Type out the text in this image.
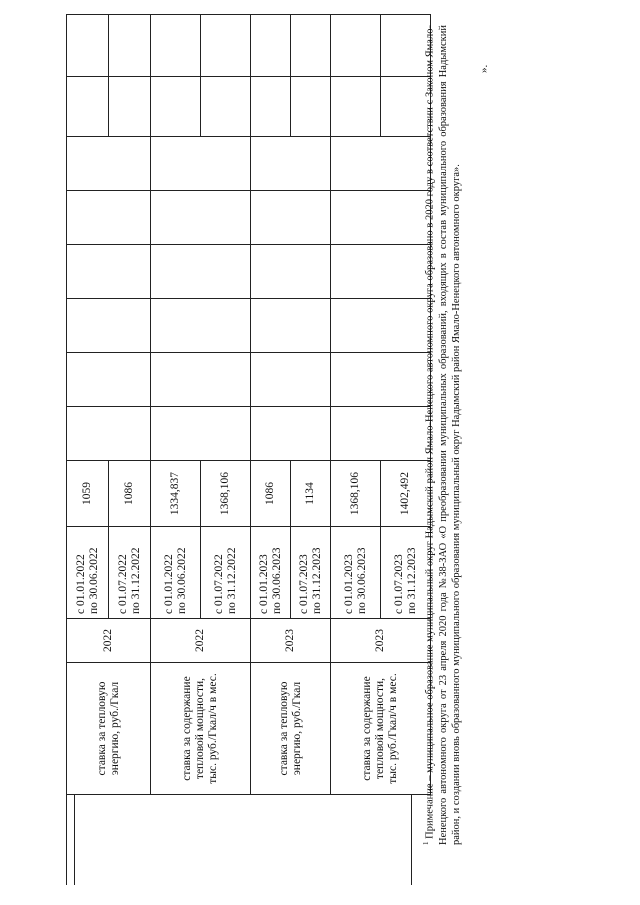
ставка за тепловую энергию, руб./Гкал	2022	с 01.01.2022 по 30.06.2022	1059								

		с 01.07.2022 по 31.12.2022	1086								
ставка за содержание тепловой мощности, тыс. руб./Гкал/ч в мес.	2022	с 01.01.2022 по 30.06.2022	1334,837								

		с 01.07.2022 по 31.12.2022	1368,106								
ставка за тепловую энергию, руб./Гкал	2023	с 01.01.2023 по 30.06.2023	1086								

		с 01.07.2023 по 31.12.2023	1134								
ставка за содержание тепловой мощности, тыс. руб./Гкал/ч в мес.	2023	с 01.01.2023 по 30.06.2023	1368,106								

		с 01.07.2023 по 31.12.2023	1402,492								
$^1$ Примечание – муниципальное образование муниципальный округ Надымский район Ямало-Ненецкого автономного округа образовано в 2020 году в соответствии с Законом Ямало-Ненецкого автономного округа от 23 апреля 2020 года №38-ЗАО «О преобразовании муниципальных образований, входящих в состав муниципального образования Надымский район, и создании вновь образованного муниципального образования муниципальный округ Надымский район Ямало-Ненецкого автономного округа».
».
